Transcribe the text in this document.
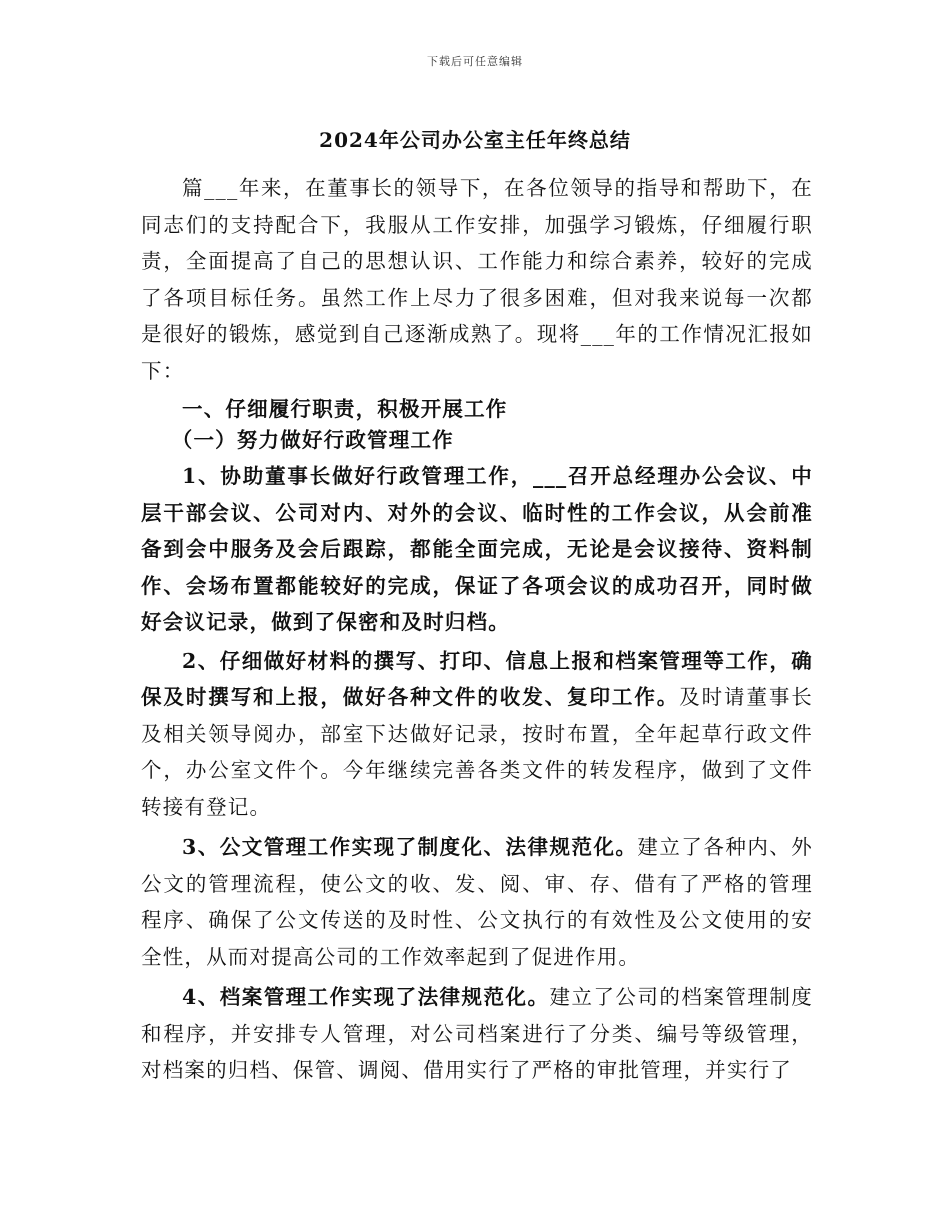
下载后可任意编辑
2024年公司办公室主任年终总结

篇___年来，在董事长的领导下，在各位领导的指导和帮助下，在同志们的支持配合下，我服从工作安排，加强学习锻炼，仔细履行职责，全面提高了自己的思想认识、工作能力和综合素养，较好的完成了各项目标任务。虽然工作上尽力了很多困难，但对我来说每一次都是很好的锻炼，感觉到自己逐渐成熟了。现将___年的工作情况汇报如下：

一、仔细履行职责，积极开展工作

（一）努力做好行政管理工作

1、协助董事长做好行政管理工作，___召开总经理办公会议、中层干部会议、公司对内、对外的会议、临时性的工作会议，从会前准备到会中服务及会后跟踪，都能全面完成，无论是会议接待、资料制作、会场布置都能较好的完成，保证了各项会议的成功召开，同时做好会议记录，做到了保密和及时归档。

2、仔细做好材料的撰写、打印、信息上报和档案管理等工作，确保及时撰写和上报，做好各种文件的收发、复印工作。及时请董事长及相关领导阅办，部室下达做好记录，按时布置，全年起草行政文件个，办公室文件个。今年继续完善各类文件的转发程序，做到了文件转接有登记。

3、公文管理工作实现了制度化、法律规范化。建立了各种内、外公文的管理流程，使公文的收、发、阅、审、存、借有了严格的管理程序、确保了公文传送的及时性、公文执行的有效性及公文使用的安全性，从而对提高公司的工作效率起到了促进作用。

4、档案管理工作实现了法律规范化。建立了公司的档案管理制度和程序，并安排专人管理，对公司档案进行了分类、编号等级管理，对档案的归档、保管、调阅、借用实行了严格的审批管理，并实行了
